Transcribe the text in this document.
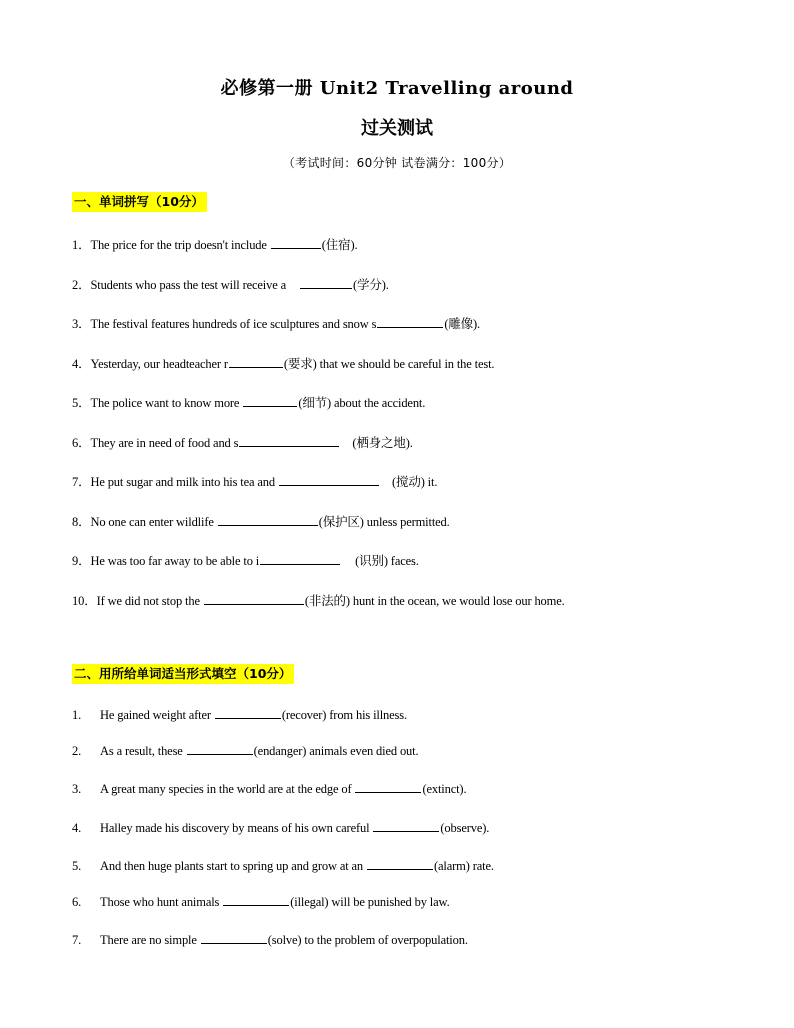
必修第一册 Unit2 Travelling around
过关测试
（考试时间：60分钟 试卷满分：100分）
一、单词拼写（10分）
1．The price for the trip doesn't include	(住宿).
2．Students who pass the test will receive a	(学分).
3．The festival features hundreds of ice sculptures and snow s	(雕像).
4．Yesterday, our headteacher r	(要求) that we should be careful in the test.
5．The police want to know more	(细节) about the accident.
6．They are in need of food and s	(栖身之地).
7．He put sugar and milk into his tea and	(搅动) it.
8．No one can enter wildlife	(保护区) unless permitted.
9．He was too far away to be able to i	(识别) faces.
10．If we did not stop the	(非法的) hunt in the ocean, we would lose our home.
二、用所给单词适当形式填空（10分）
1. He gained weight after	(recover) from his illness.
2. As a result, these	(endanger) animals even died out.
3. A great many species in the world are at the edge of	(extinct).
4. Halley made his discovery by means of his own careful	(observe).
5. And then huge plants start to spring up and grow at an	(alarm) rate.
6. Those who hunt animals	(illegal) will be punished by law.
7. There are no simple	(solve) to the problem of overpopulation.
